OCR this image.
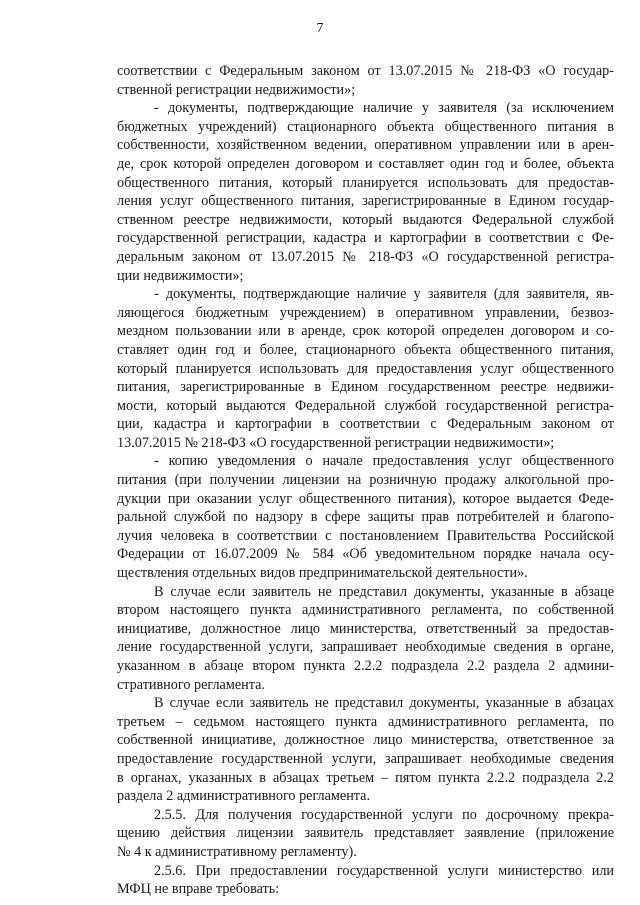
7
соответствии с Федеральным законом от 13.07.2015 № 218-ФЗ «О государ-
ственной регистрации недвижимости»;
- документы, подтверждающие наличие у заявителя (за исключением
бюджетных учреждений) стационарного объекта общественного питания в
собственности, хозяйственном ведении, оперативном управлении или в арен-
де, срок которой определен договором и составляет один год и более, объекта
общественного питания, который планируется использовать для предостав-
ления услуг общественного питания, зарегистрированные в Едином государ-
ственном реестре недвижимости, который выдаются Федеральной службой
государственной регистрации, кадастра и картографии в соответствии с Фе-
деральным законом от 13.07.2015 № 218-ФЗ «О государственной регистра-
ции недвижимости»;
- документы, подтверждающие наличие у заявителя (для заявителя, яв-
ляющегося бюджетным учреждением) в оперативном управлении, безвоз-
мездном пользовании или в аренде, срок которой определен договором и со-
ставляет один год и более, стационарного объекта общественного питания,
который планируется использовать для предоставления услуг общественного
питания, зарегистрированные в Едином государственном реестре недвижи-
мости, который выдаются Федеральной службой государственной регистра-
ции, кадастра и картографии в соответствии с Федеральным законом от
13.07.2015 № 218-ФЗ «О государственной регистрации недвижимости»;
- копию уведомления о начале предоставления услуг общественного
питания (при получении лицензии на розничную продажу алкогольной про-
дукции при оказании услуг общественного питания), которое выдается Феде-
ральной службой по надзору в сфере защиты прав потребителей и благопо-
лучия человека в соответствии с постановлением Правительства Российской
Федерации от 16.07.2009 № 584 «Об уведомительном порядке начала осу-
ществления отдельных видов предпринимательской деятельности».
В случае если заявитель не представил документы, указанные в абзаце
втором настоящего пункта административного регламента, по собственной
инициативе, должностное лицо министерства, ответственный за предостав-
ление государственной услуги, запрашивает необходимые сведения в органе,
указанном в абзаце втором пункта 2.2.2 подраздела 2.2 раздела 2 админи-
стративного регламента.
В случае если заявитель не представил документы, указанные в абзацах
третьем – седьмом настоящего пункта административного регламента, по
собственной инициативе, должностное лицо министерства, ответственное за
предоставление государственной услуги, запрашивает необходимые сведения
в органах, указанных в абзацах третьем – пятом пункта 2.2.2 подраздела 2.2
раздела 2 административного регламента.
2.5.5. Для получения государственной услуги по досрочному прекра-
щению действия лицензии заявитель представляет заявление (приложение
№ 4 к административному регламенту).
2.5.6. При предоставлении государственной услуги министерство или
МФЦ не вправе требовать:
